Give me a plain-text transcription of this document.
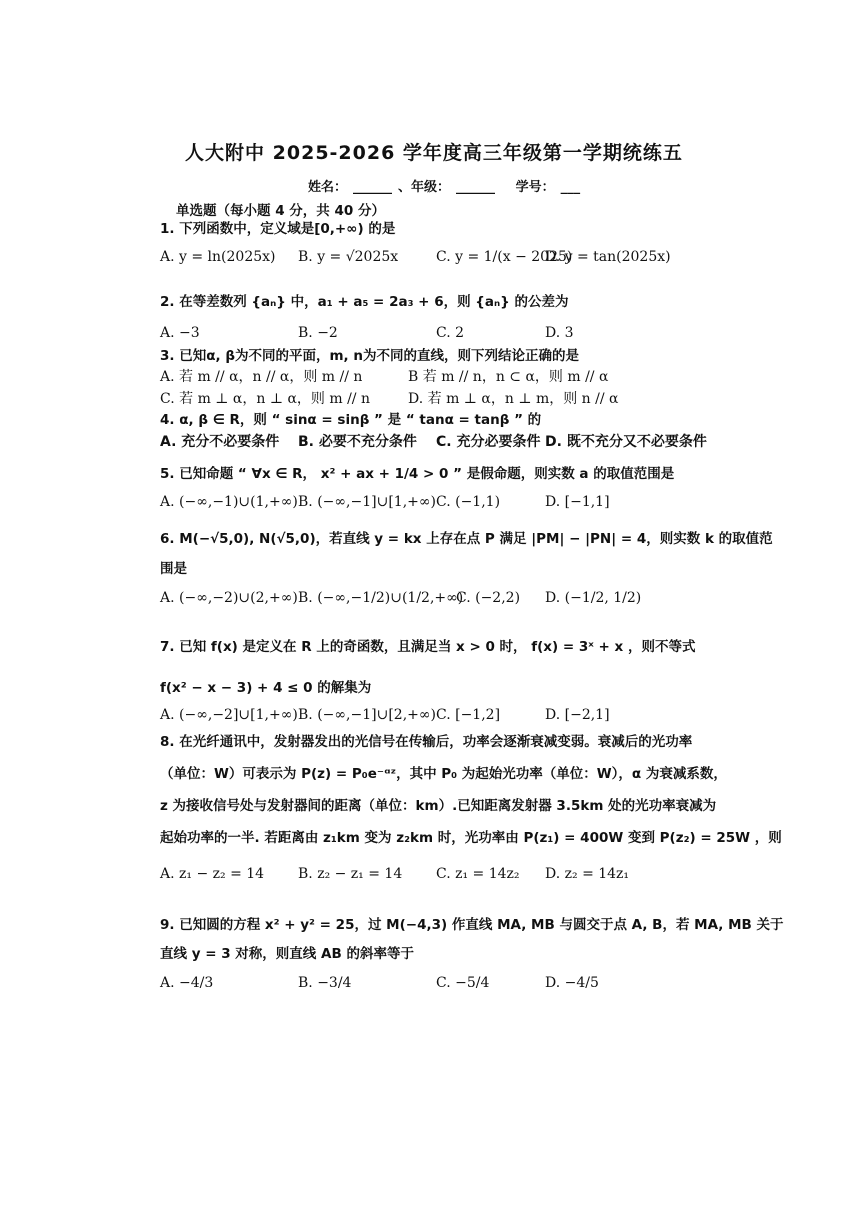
人大附中 2025-2026 学年度高三年级第一学期统练五
姓名： ______ 、年级： ______ 学号： ___
单选题（每小题 4 分，共 40 分）
1. 下列函数中，定义域是[0,+∞) 的是
A. y = ln(2025x) B. y = √2025x	C. y = 1/(x − 2025)
D. y = tan(2025x)
2. 在等差数列 {aₙ} 中，a₁ + a₅ = 2a₃ + 6，则 {aₙ} 的公差为
A. −3	B. −2	C. 2	D. 3
3. 已知α, β为不同的平面，m, n为不同的直线，则下列结论正确的是
A. 若 m // α，n // α，则 m // n	B 若 m // n，n ⊂ α，则 m // α
C. 若 m ⊥ α，n ⊥ α，则 m // n	D. 若 m ⊥ α，n ⊥ m，则 n // α
4. α, β ∈ R，则 “ sinα = sinβ ” 是 “ tanα = tanβ ” 的
A. 充分不必要条件 B. 必要不充分条件 C. 充分必要条件 D. 既不充分又不必要条件
5. 已知命题 “ ∀x ∈ R， x² + ax + 1/4 > 0 ” 是假命题，则实数 a 的取值范围是
A. (−∞,−1)∪(1,+∞) B. (−∞,−1]∪[1,+∞) C. (−1,1)	D. [−1,1]
6. M(−√5,0), N(√5,0)，若直线 y = kx 上存在点 P 满足 |PM| − |PN| = 4，则实数 k 的取值范
围是
A. (−∞,−2)∪(2,+∞) B. (−∞,−1/2)∪(1/2,+∞)
C. (−2,2) D. (−1/2, 1/2)
7. 已知 f(x) 是定义在 R 上的奇函数，且满足当 x > 0 时， f(x) = 3ˣ + x ，则不等式
f(x² − x − 3) + 4 ≤ 0 的解集为
A. (−∞,−2]∪[1,+∞) B. (−∞,−1]∪[2,+∞) C. [−1,2]	D. [−2,1]
8. 在光纤通讯中，发射器发出的光信号在传输后，功率会逐渐衰减变弱。衰减后的光功率
（单位：W）可表示为 P(z) = P₀e⁻ᵅᶻ，其中 P₀ 为起始光功率（单位：W），α 为衰减系数，
z 为接收信号处与发射器间的距离（单位：km）.已知距离发射器 3.5km 处的光功率衰减为
起始功率的一半. 若距离由 z₁km 变为 z₂km 时，光功率由 P(z₁) = 400W 变到 P(z₂) = 25W ，则
A. z₁ − z₂ = 14 B. z₂ − z₁ = 14 C. z₁ = 14z₂ D. z₂ = 14z₁
9. 已知圆的方程 x² + y² = 25，过 M(−4,3) 作直线 MA, MB 与圆交于点 A, B，若 MA, MB 关于
直线 y = 3 对称，则直线 AB 的斜率等于
A. −4/3	B. −3/4	C. −5/4	D. −4/5
